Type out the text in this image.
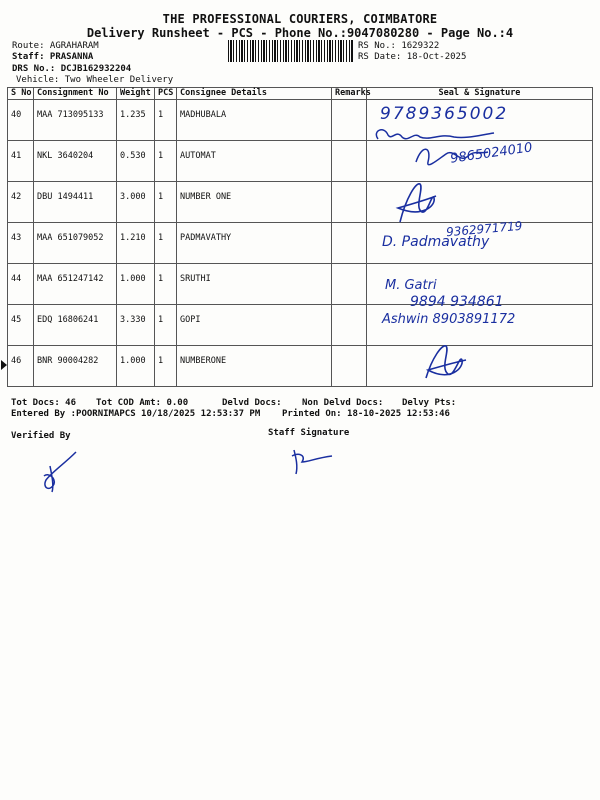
THE PROFESSIONAL COURIERS, COIMBATORE
Delivery Runsheet - PCS - Phone No.:9047080280 - Page No.:4
Route: AGRAHARAM
Staff: PRASANNA
DRS No.: DCJB162932204
Vehicle: Two Wheeler Delivery
RS No.: 1629322
RS Date: 18-Oct-2025
S No	Consignment No	Weight	PCS	Consignee Details	Remarks	Seal & Signature
40	MAA 713095133	1.235	1	MADHUBALA		
41	NKL 3640204	0.530	1	AUTOMAT		
42	DBU 1494411	3.000	1	NUMBER ONE		
43	MAA 651079052	1.210	1	PADMAVATHY		
44	MAA 651247142	1.000	1	SRUTHI		
45	EDQ 16806241	3.330	1	GOPI		
46	BNR 90004282	1.000	1	NUMBERONE		
9789365002
9865024010
D. Padmavathy
9362971719
M. Gatri
9894 934861
Ashwin 8903891172
Tot Docs: 46 Tot COD Amt: 0.00	Delvd Docs: Non Delvd Docs: Delvy Pts:
Entered By :POORNIMAPCS 10/18/2025 12:53:37 PM Printed On: 18-10-2025 12:53:46
Verified By	Staff Signature
